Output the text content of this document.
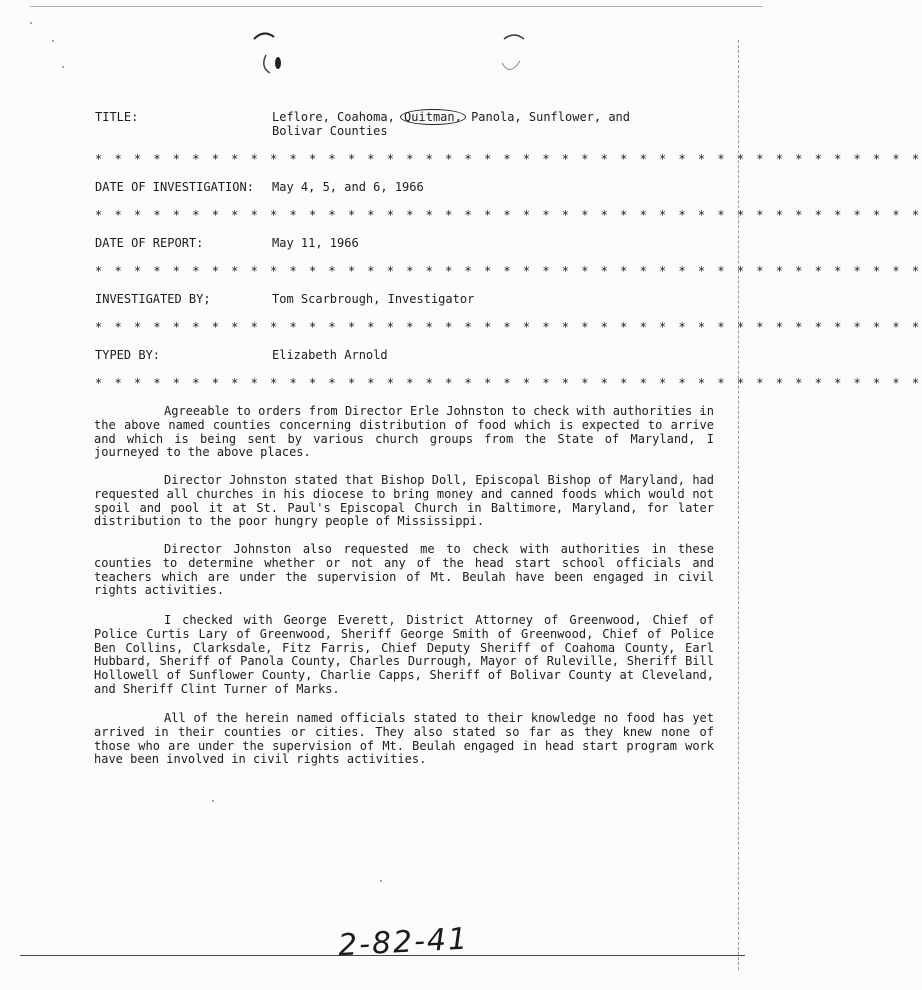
TITLE:	Leflore, Coahoma, Quitman, Panola, Sunflower, and
Bolivar Counties
* * * * * * * * * * * * * * * * * * * * * * * * * * * * * * * * * * * * * * * * * * *
DATE OF INVESTIGATION: May 4, 5, and 6, 1966
* * * * * * * * * * * * * * * * * * * * * * * * * * * * * * * * * * * * * * * * * * *
DATE OF REPORT:	May 11, 1966
* * * * * * * * * * * * * * * * * * * * * * * * * * * * * * * * * * * * * * * * * * *
INVESTIGATED BY;	Tom Scarbrough, Investigator
* * * * * * * * * * * * * * * * * * * * * * * * * * * * * * * * * * * * * * * * * * *
TYPED BY:	Elizabeth Arnold
* * * * * * * * * * * * * * * * * * * * * * * * * * * * * * * * * * * * * * * * * * *
Agreeable to orders from Director Erle Johnston to check with authorities in the above named counties concerning distribution of food which is expected to arrive and which is being sent by various church groups from the State of Maryland, I journeyed to the above places.
Director Johnston stated that Bishop Doll, Episcopal Bishop of Maryland, had requested all churches in his diocese to bring money and canned foods which would not spoil and pool it at St. Paul's Episcopal Church in Baltimore, Maryland, for later distribution to the poor hungry people of Mississippi.
Director Johnston also requested me to check with authorities in these counties to determine whether or not any of the head start school officials and teachers which are under the supervision of Mt. Beulah have been engaged in civil rights activities.
I checked with George Everett, District Attorney of Greenwood, Chief of Police Curtis Lary of Greenwood, Sheriff George Smith of Greenwood, Chief of Police Ben Collins, Clarksdale, Fitz Farris, Chief Deputy Sheriff of Coahoma County, Earl Hubbard, Sheriff of Panola County, Charles Durrough, Mayor of Ruleville, Sheriff Bill Hollowell of Sunflower County, Charlie Capps, Sheriff of Bolivar County at Cleveland, and Sheriff Clint Turner of Marks.
All of the herein named officials stated to their knowledge no food has yet arrived in their counties or cities. They also stated so far as they knew none of those who are under the supervision of Mt. Beulah engaged in head start program work have been involved in civil rights activities.
2-82-41
